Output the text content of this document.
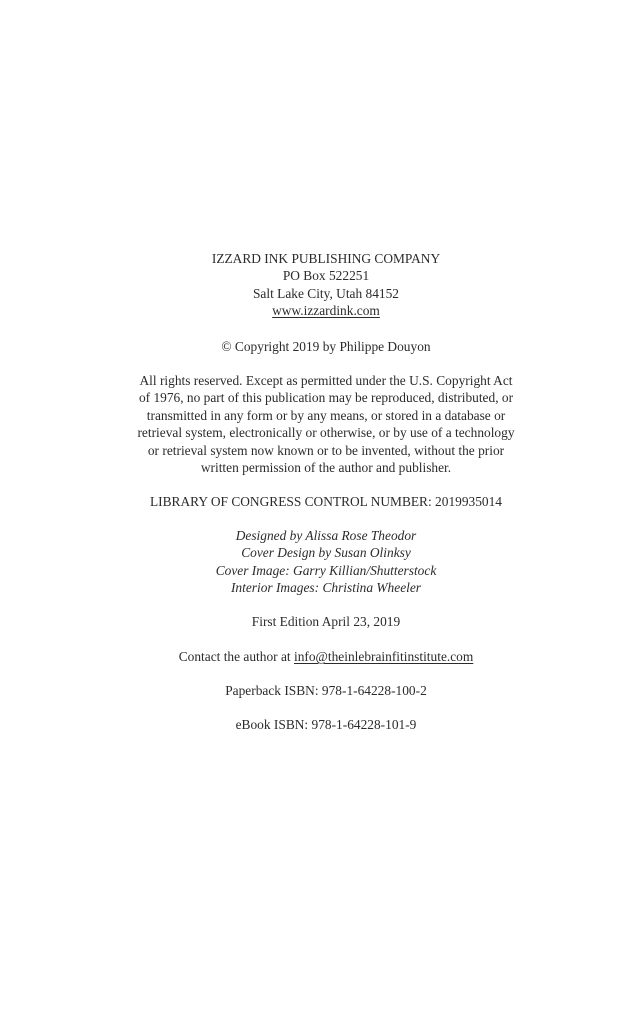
IZZARD INK PUBLISHING COMPANY
PO Box 522251
Salt Lake City, Utah 84152
www.izzardink.com
© Copyright 2019 by Philippe Douyon
All rights reserved. Except as permitted under the U.S. Copyright Act
of 1976, no part of this publication may be reproduced, distributed, or
transmitted in any form or by any means, or stored in a database or
retrieval system, electronically or otherwise, or by use of a technology
or retrieval system now known or to be invented, without the prior
written permission of the author and publisher.
LIBRARY OF CONGRESS CONTROL NUMBER: 2019935014
Designed by Alissa Rose Theodor
Cover Design by Susan Olinksy
Cover Image: Garry Killian/Shutterstock
Interior Images: Christina Wheeler
First Edition April 23, 2019
Contact the author at info@theinlebrainfitinstitute.com
Paperback ISBN: 978-1-64228-100-2
eBook ISBN: 978-1-64228-101-9
